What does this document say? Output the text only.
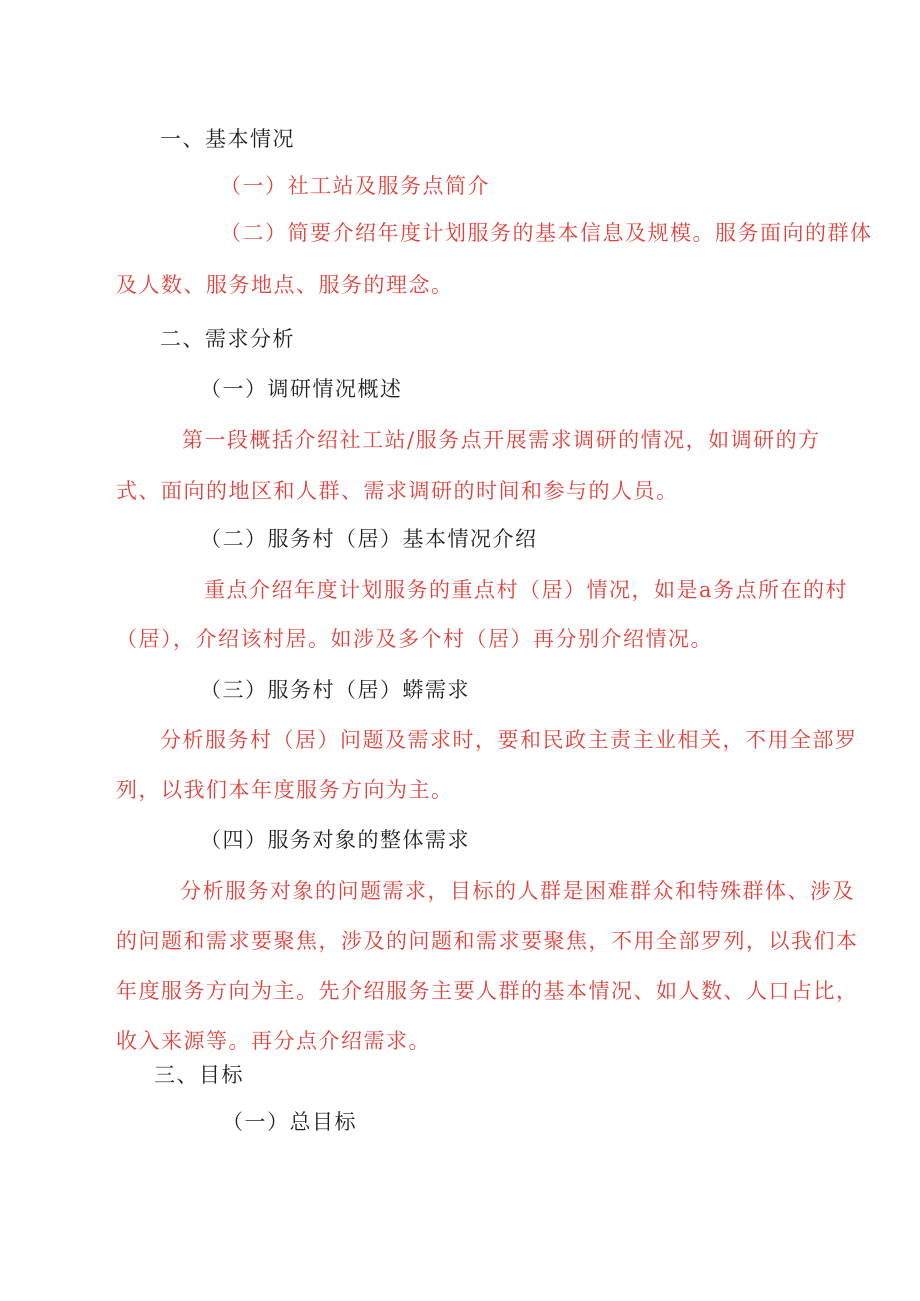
一、基本情况
（一）社工站及服务点简介
（二）简要介绍年度计划服务的基本信息及规模。服务面向的群体
及人数、服务地点、服务的理念。
二、需求分析
（一）调研情况概述
第一段概括介绍社工站/服务点开展需求调研的情况，如调研的方
式、面向的地区和人群、需求调研的时间和参与的人员。
（二）服务村（居）基本情况介绍
重点介绍年度计划服务的重点村（居）情况，如是a务点所在的村
（居），介绍该村居。如涉及多个村（居）再分别介绍情况。
（三）服务村（居）蟒需求
分析服务村（居）问题及需求时，要和民政主责主业相关，不用全部罗
列，以我们本年度服务方向为主。
（四）服务对象的整体需求
分析服务对象的问题需求，目标的人群是困难群众和特殊群体、涉及
的问题和需求要聚焦，涉及的问题和需求要聚焦，不用全部罗列，以我们本
年度服务方向为主。先介绍服务主要人群的基本情况、如人数、人口占比，
收入来源等。再分点介绍需求。
三、目标
（一）总目标
